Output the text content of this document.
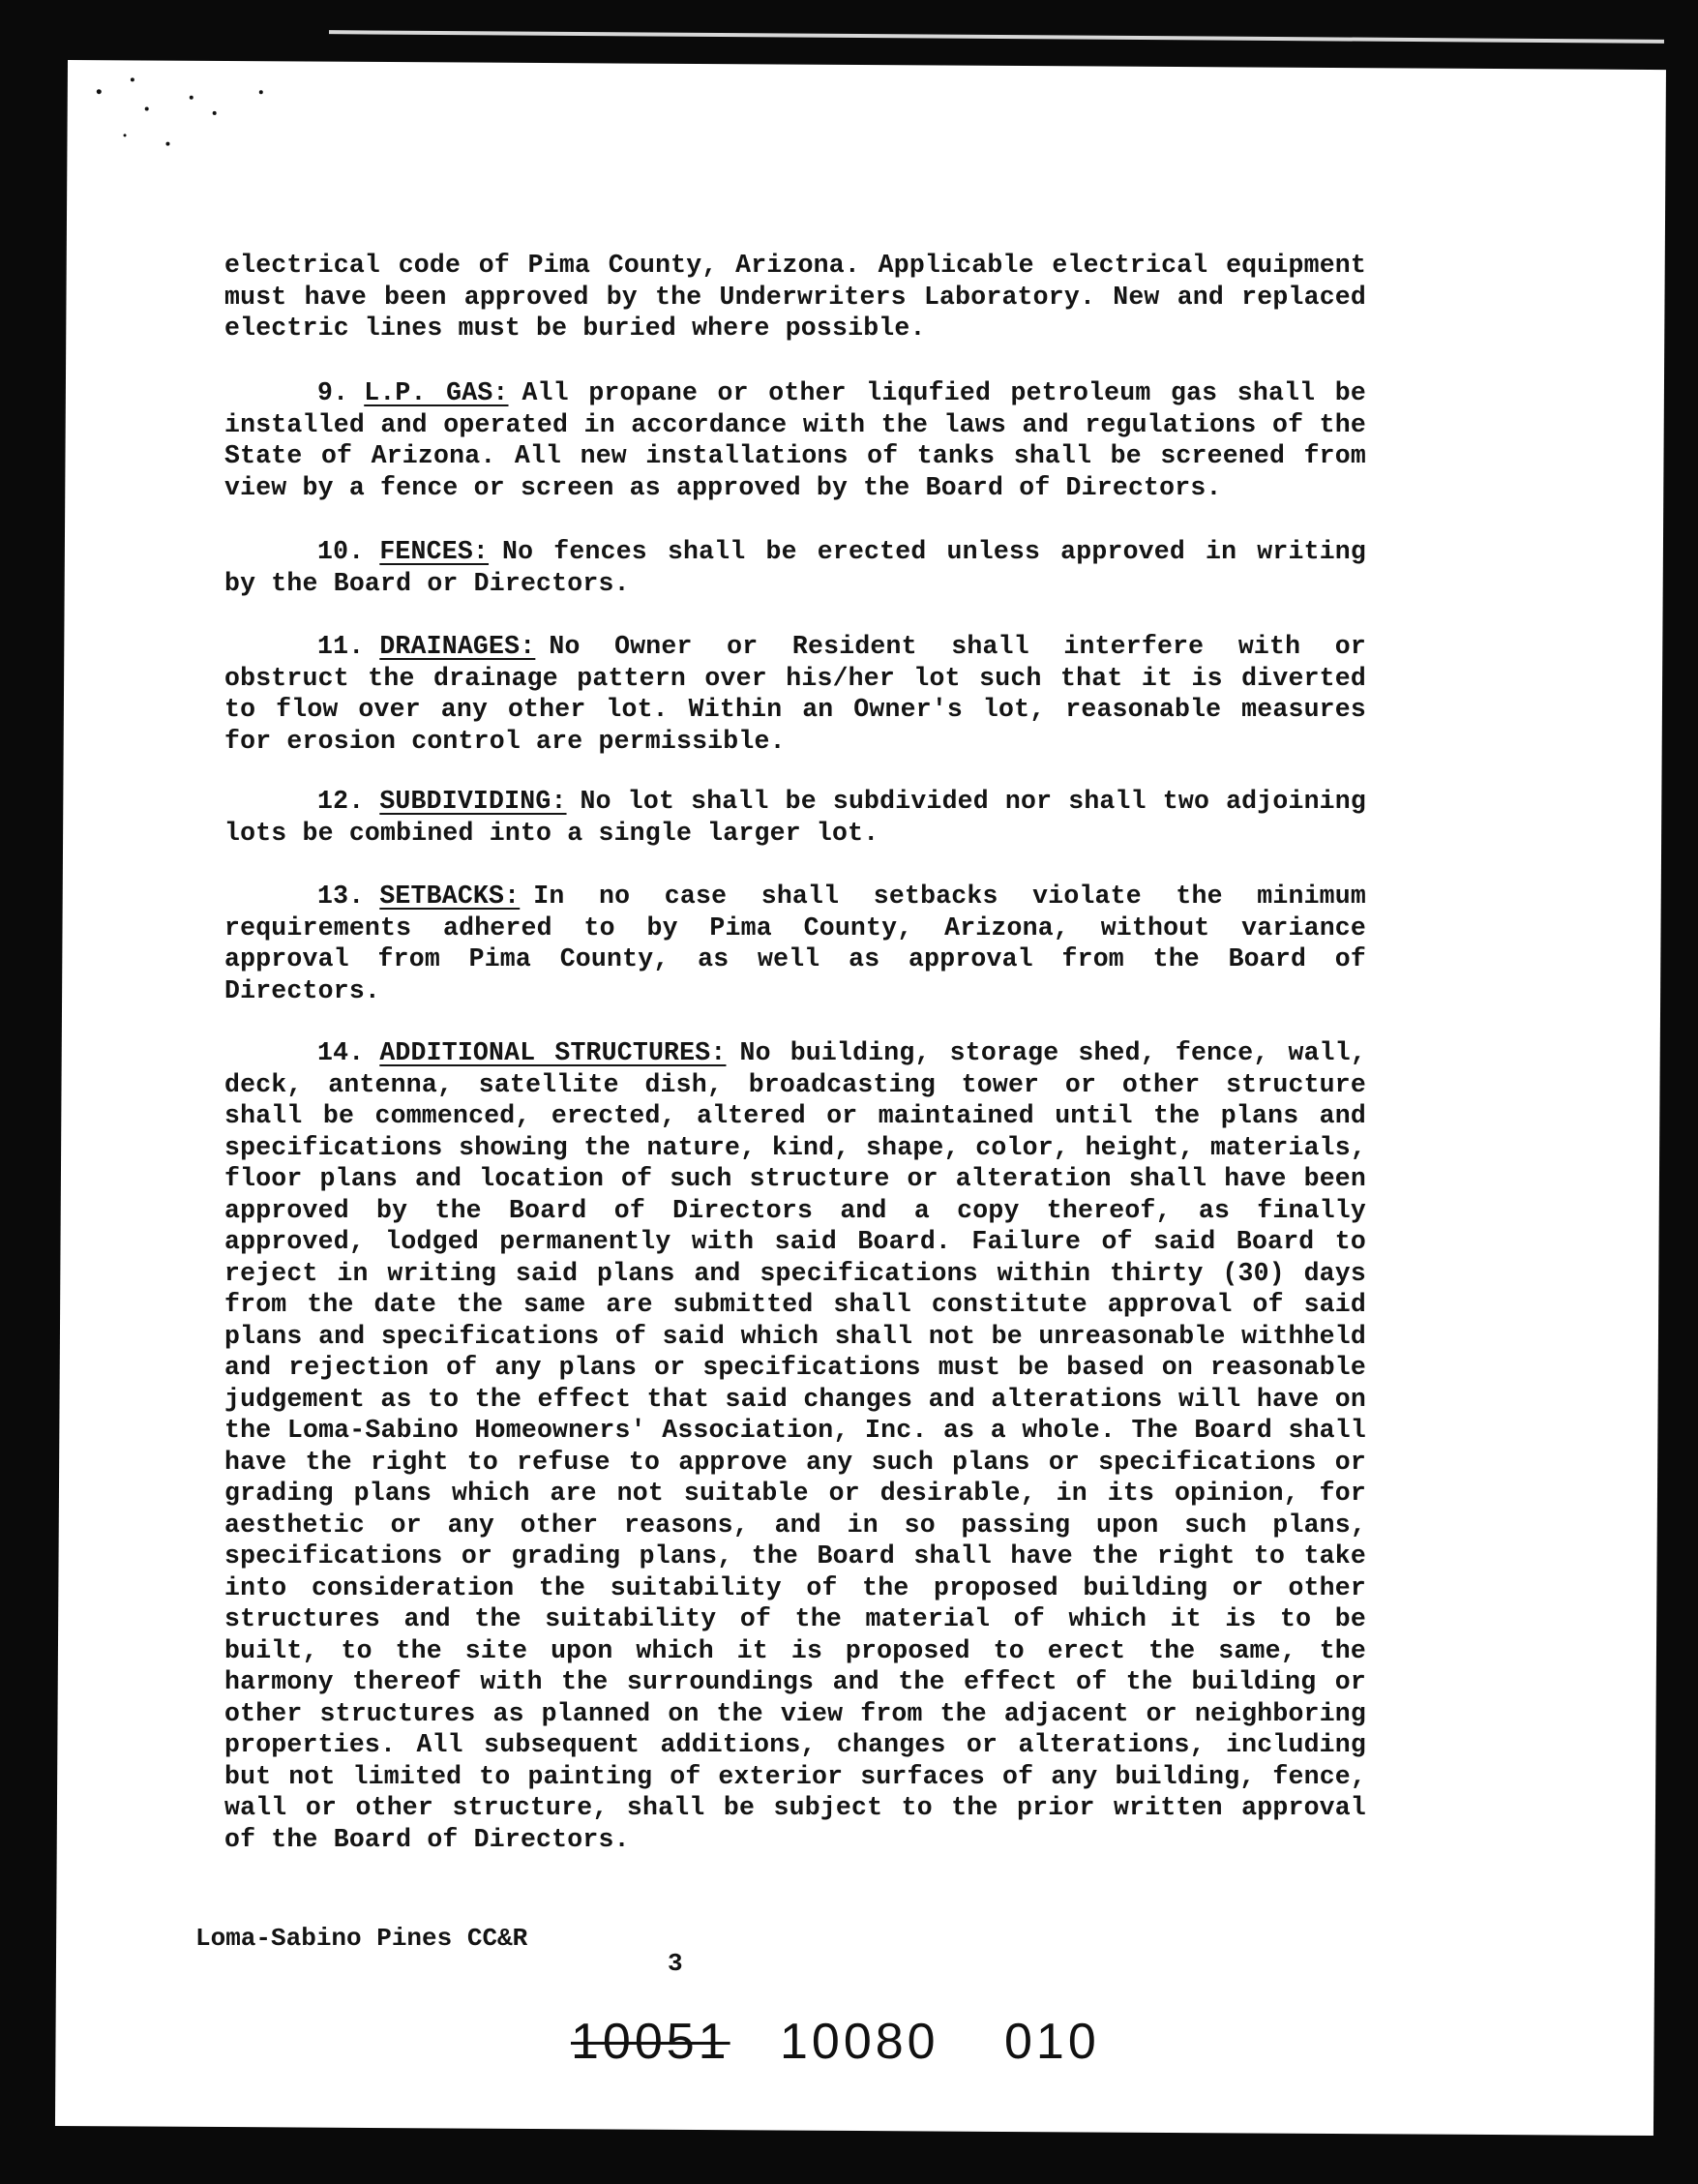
electrical code of Pima County, Arizona. Applicable electrical equipment must have been approved by the Underwriters Laboratory. New and replaced electric lines must be buried where possible.
9. L.P. GAS: All propane or other liqufied petroleum gas shall be installed and operated in accordance with the laws and regulations of the State of Arizona. All new installations of tanks shall be screened from view by a fence or screen as approved by the Board of Directors.
10. FENCES: No fences shall be erected unless approved in writing by the Board or Directors.
11. DRAINAGES: No Owner or Resident shall interfere with or obstruct the drainage pattern over his/her lot such that it is diverted to flow over any other lot. Within an Owner's lot, reasonable measures for erosion control are permissible.
12. SUBDIVIDING: No lot shall be subdivided nor shall two adjoining lots be combined into a single larger lot.
13. SETBACKS: In no case shall setbacks violate the minimum requirements adhered to by Pima County, Arizona, without variance approval from Pima County, as well as approval from the Board of Directors.
14. ADDITIONAL STRUCTURES: No building, storage shed, fence, wall, deck, antenna, satellite dish, broadcasting tower or other structure shall be commenced, erected, altered or maintained until the plans and specifications showing the nature, kind, shape, color, height, materials, floor plans and location of such structure or alteration shall have been approved by the Board of Directors and a copy thereof, as finally approved, lodged permanently with said Board. Failure of said Board to reject in writing said plans and specifications within thirty (30) days from the date the same are submitted shall constitute approval of said plans and specifications of said which shall not be unreasonable withheld and rejection of any plans or specifications must be based on reasonable judgement as to the effect that said changes and alterations will have on the Loma-Sabino Homeowners' Association, Inc. as a whole. The Board shall have the right to refuse to approve any such plans or specifications or grading plans which are not suitable or desirable, in its opinion, for aesthetic or any other reasons, and in so passing upon such plans, specifications or grading plans, the Board shall have the right to take into consideration the suitability of the proposed building or other structures and the suitability of the material of which it is to be built, to the site upon which it is proposed to erect the same, the harmony thereof with the surroundings and the effect of the building or other structures as planned on the view from the adjacent or neighboring properties. All subsequent additions, changes or alterations, including but not limited to painting of exterior surfaces of any building, fence, wall or other structure, shall be subject to the prior written approval of the Board of Directors.
Loma-Sabino Pines CC&R
3
10051 10080 010
